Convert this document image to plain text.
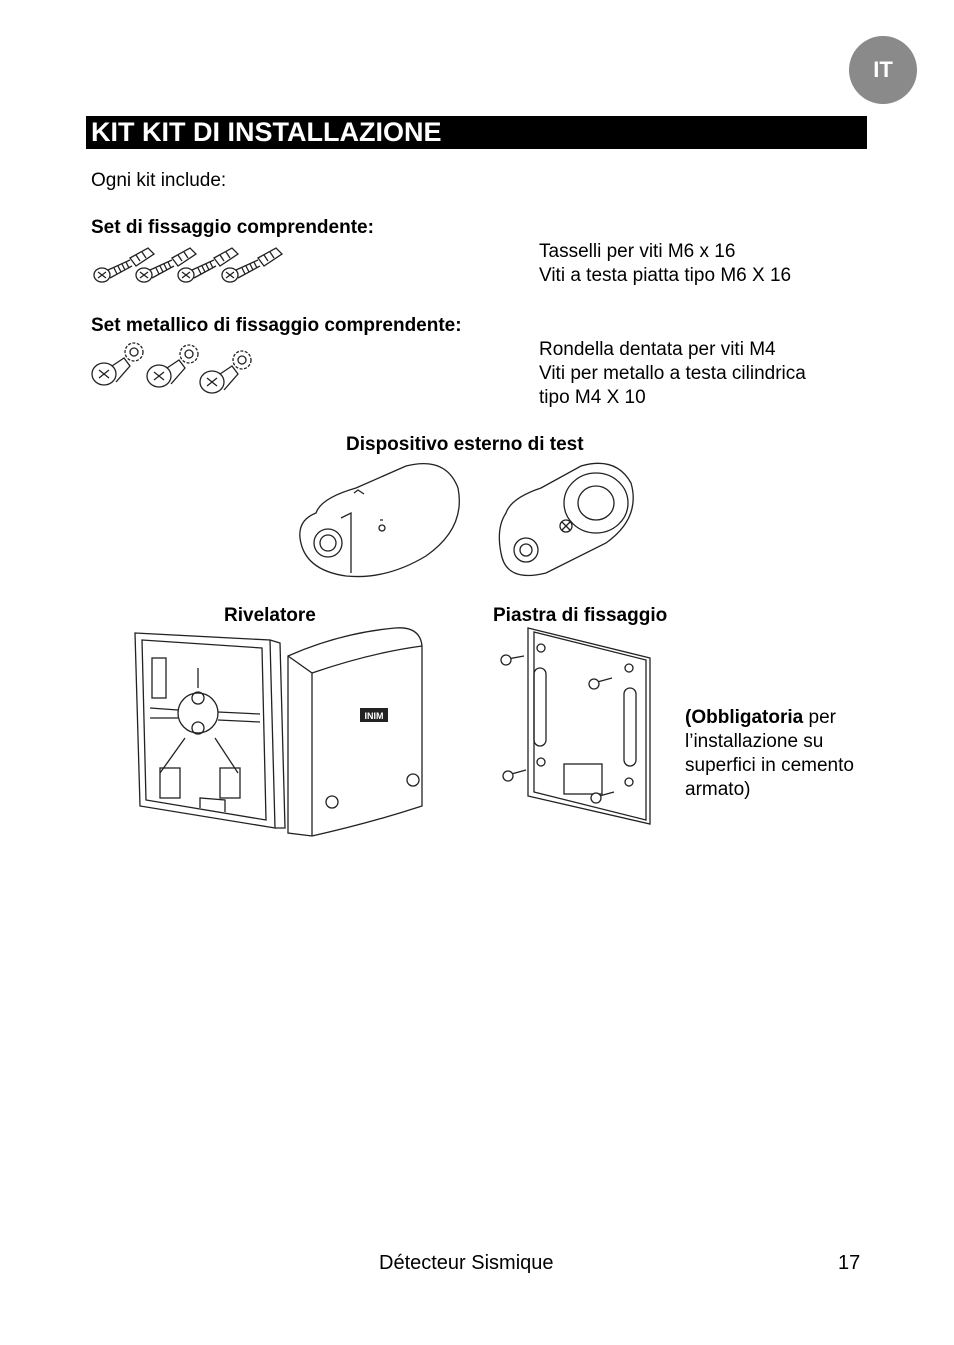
IT
KIT KIT DI INSTALLAZIONE
Ogni kit include:
Set di fissaggio comprendente:
Tasselli per viti M6 x 16
Viti a testa piatta tipo M6 X 16
Set metallico di fissaggio comprendente:
Rondella dentata per viti M4
Viti per metallo a testa cilindrica
tipo M4 X 10
Dispositivo esterno di test
Rivelatore
INIM
Piastra di fissaggio
(Obbligatoria per
l’installazione su
superfici in cemento
armato)
Détecteur Sismique	17
